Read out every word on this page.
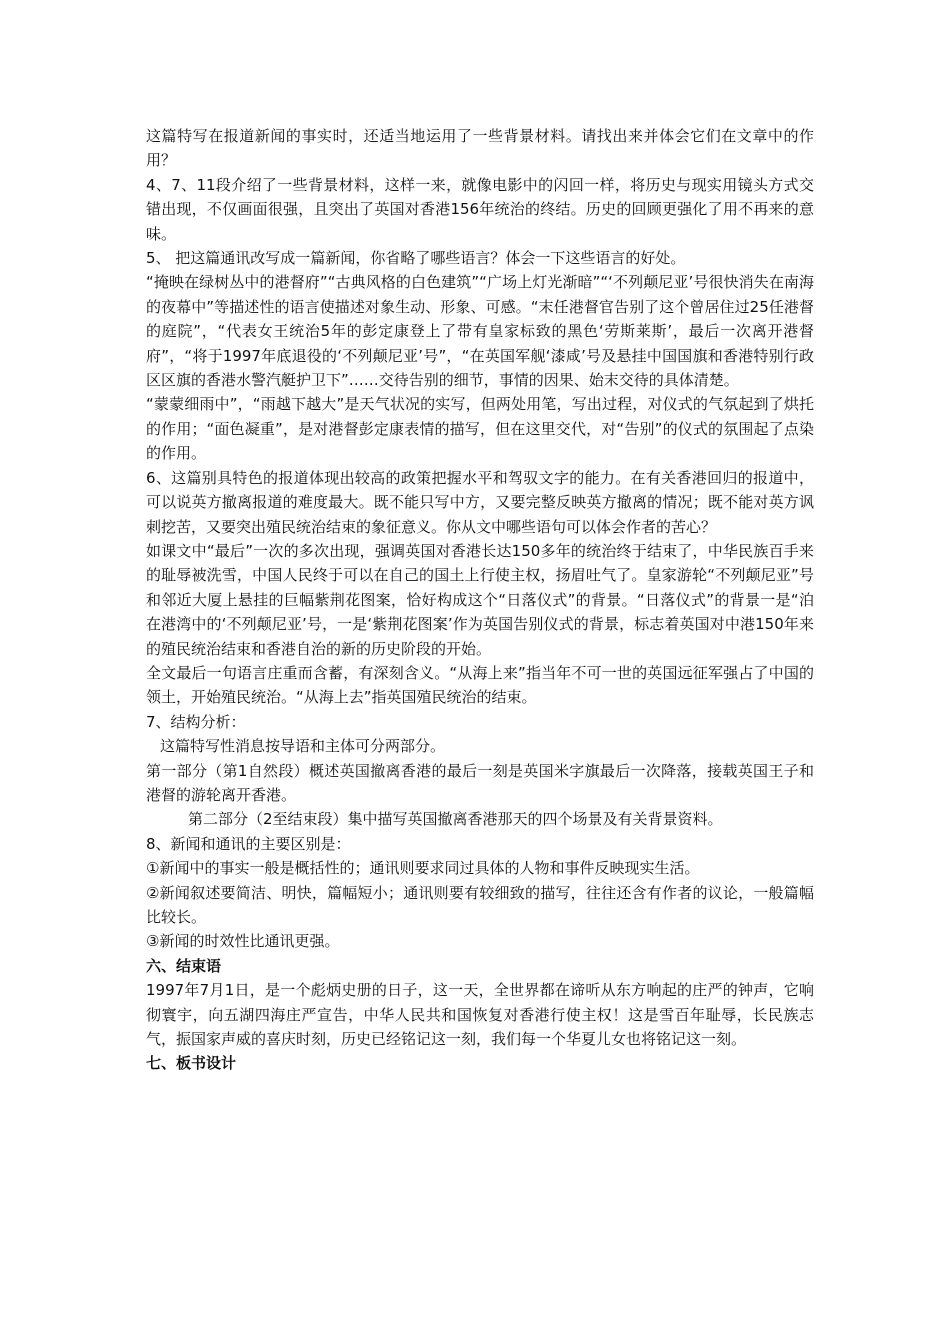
这篇特写在报道新闻的事实时，还适当地运用了一些背景材料。请找出来并体会它们在文章中的作用？

4、7、11段介绍了一些背景材料，这样一来，就像电影中的闪回一样，将历史与现实用镜头方式交错出现，不仅画面很强，且突出了英国对香港156年统治的终结。历史的回顾更强化了用不再来的意味。

5、 把这篇通讯改写成一篇新闻，你省略了哪些语言？体会一下这些语言的好处。

“掩映在绿树丛中的港督府”“古典风格的白色建筑”“广场上灯光渐暗”“‘不列颠尼亚’号很快消失在南海的夜幕中”等描述性的语言使描述对象生动、形象、可感。“末任港督官告别了这个曾居住过25任港督的庭院”，“代表女王统治5年的彭定康登上了带有皇家标致的黑色‘劳斯莱斯’，最后一次离开港督府”，“将于1997年底退役的‘不列颠尼亚’号”，“在英国军舰‘漆咸’号及悬挂中国国旗和香港特别行政区区旗的香港水警汽艇护卫下”……交待告别的细节，事情的因果、始末交待的具体清楚。

“蒙蒙细雨中”，“雨越下越大”是天气状况的实写，但两处用笔，写出过程，对仪式的气氛起到了烘托的作用；“面色凝重”，是对港督彭定康表情的描写，但在这里交代，对“告别”的仪式的氛围起了点染的作用。

6、这篇别具特色的报道体现出较高的政策把握水平和驾驭文字的能力。在有关香港回归的报道中，可以说英方撤离报道的难度最大。既不能只写中方，又要完整反映英方撤离的情况；既不能对英方讽刺挖苦，又要突出殖民统治结束的象征意义。你从文中哪些语句可以体会作者的苦心？

如课文中“最后”一次的多次出现，强调英国对香港长达150多年的统治终于结束了，中华民族百手来的耻辱被洗雪，中国人民终于可以在自己的国土上行使主权，扬眉吐气了。皇家游轮“不列颠尼亚”号和邻近大厦上悬挂的巨幅紫荆花图案，恰好构成这个“日落仪式”的背景。“日落仪式”的背景一是“泊在港湾中的‘不列颠尼亚’号，一是‘紫荆花图案’作为英国告别仪式的背景，标志着英国对中港150年来的殖民统治结束和香港自治的新的历史阶段的开始。

全文最后一句语言庄重而含蓄，有深刻含义。“从海上来”指当年不可一世的英国远征军强占了中国的领土，开始殖民统治。“从海上去”指英国殖民统治的结束。

7、结构分析：

这篇特写性消息按导语和主体可分两部分。

第一部分（第1自然段）概述英国撤离香港的最后一刻是英国米字旗最后一次降落，接载英国王子和港督的游轮离开香港。

第二部分（2至结束段）集中描写英国撤离香港那天的四个场景及有关背景资料。

8、新闻和通讯的主要区别是：

①新闻中的事实一般是概括性的；通讯则要求同过具体的人物和事件反映现实生活。

②新闻叙述要简洁、明快，篇幅短小；通讯则要有较细致的描写，往往还含有作者的议论，一般篇幅比较长。

③新闻的时效性比通讯更强。

六、结束语

1997年7月1日，是一个彪炳史册的日子，这一天，全世界都在谛听从东方响起的庄严的钟声，它响彻寰宇，向五湖四海庄严宣告，中华人民共和国恢复对香港行使主权！这是雪百年耻辱，长民族志气，振国家声威的喜庆时刻，历史已经铭记这一刻，我们每一个华夏儿女也将铭记这一刻。

七、板书设计
